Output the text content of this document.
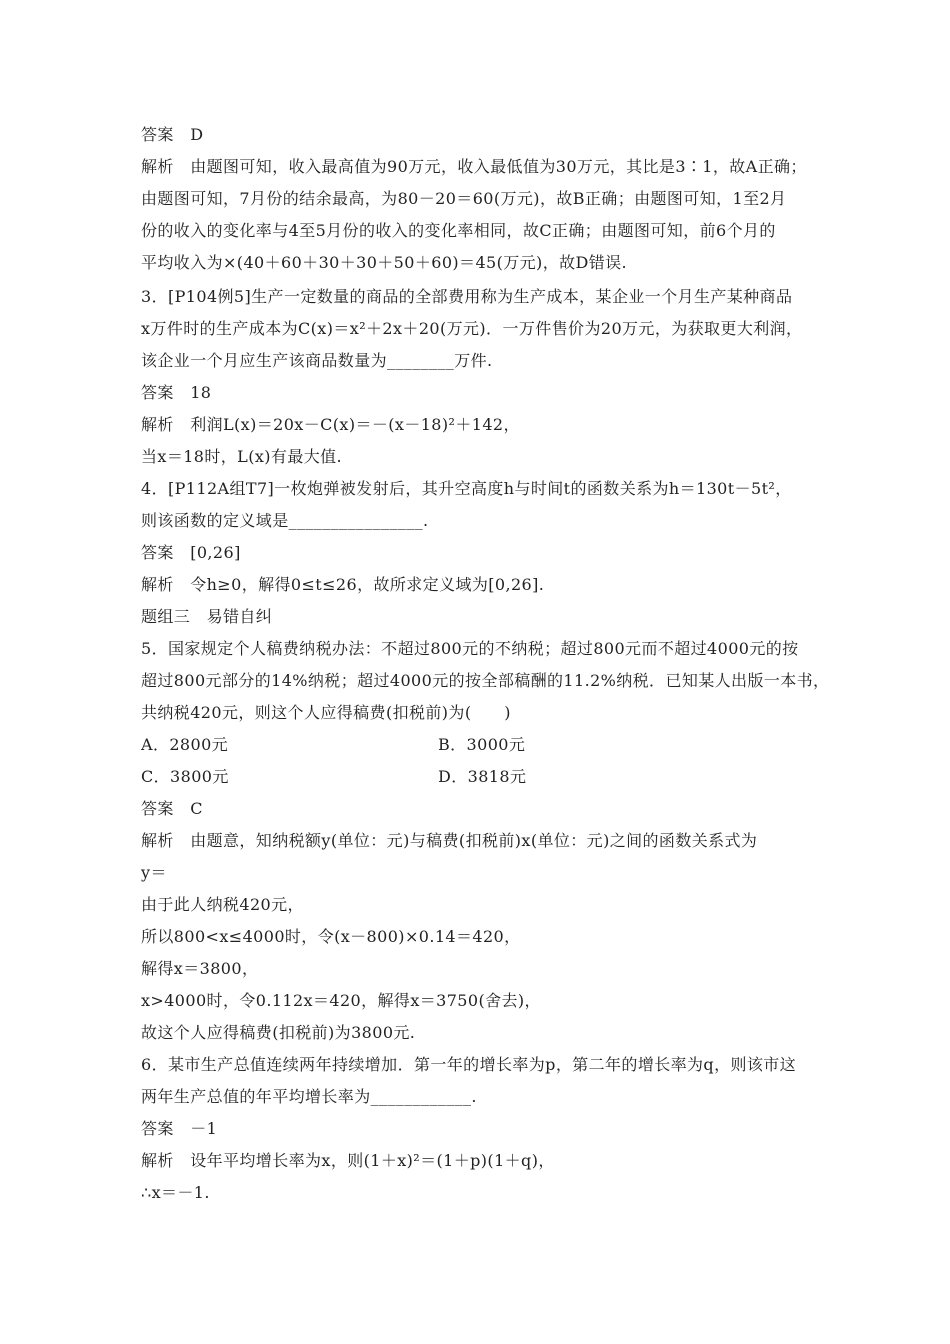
答案　D
解析　由题图可知，收入最高值为90万元，收入最低值为30万元，其比是3∶1，故A正确；
由题图可知，7月份的结余最高，为80－20＝60(万元)，故B正确；由题图可知，1至2月
份的收入的变化率与4至5月份的收入的变化率相同，故C正确；由题图可知，前6个月的
平均收入为×(40＋60＋30＋30＋50＋60)＝45(万元)，故D错误.
3．[P104例5]生产一定数量的商品的全部费用称为生产成本，某企业一个月生产某种商品
x万件时的生产成本为C(x)＝x²＋2x＋20(万元)．一万件售价为20万元，为获取更大利润，
该企业一个月应生产该商品数量为________万件.
答案　18
解析　利润L(x)＝20x－C(x)＝－(x－18)²＋142，
当x＝18时，L(x)有最大值.
4．[P112A组T7]一枚炮弹被发射后，其升空高度h与时间t的函数关系为h＝130t－5t²，
则该函数的定义域是________________.
答案　[0,26]
解析　令h≥0，解得0≤t≤26，故所求定义域为[0,26].
题组三　易错自纠
5．国家规定个人稿费纳税办法：不超过800元的不纳税；超过800元而不超过4000元的按
超过800元部分的14%纳税；超过4000元的按全部稿酬的11.2%纳税．已知某人出版一本书，
共纳税420元，则这个人应得稿费(扣税前)为(　　)
A．2800元	B．3000元
C．3800元	D．3818元
答案　C
解析　由题意，知纳税额y(单位：元)与稿费(扣税前)x(单位：元)之间的函数关系式为
y＝
由于此人纳税420元，
所以800<x≤4000时，令(x－800)×0.14＝420，
解得x＝3800，
x>4000时，令0.112x＝420，解得x＝3750(舍去)，
故这个人应得稿费(扣税前)为3800元.
6．某市生产总值连续两年持续增加．第一年的增长率为p，第二年的增长率为q，则该市这
两年生产总值的年平均增长率为____________.
答案　－1
解析　设年平均增长率为x，则(1＋x)²＝(1＋p)(1＋q)，
∴x＝－1.
